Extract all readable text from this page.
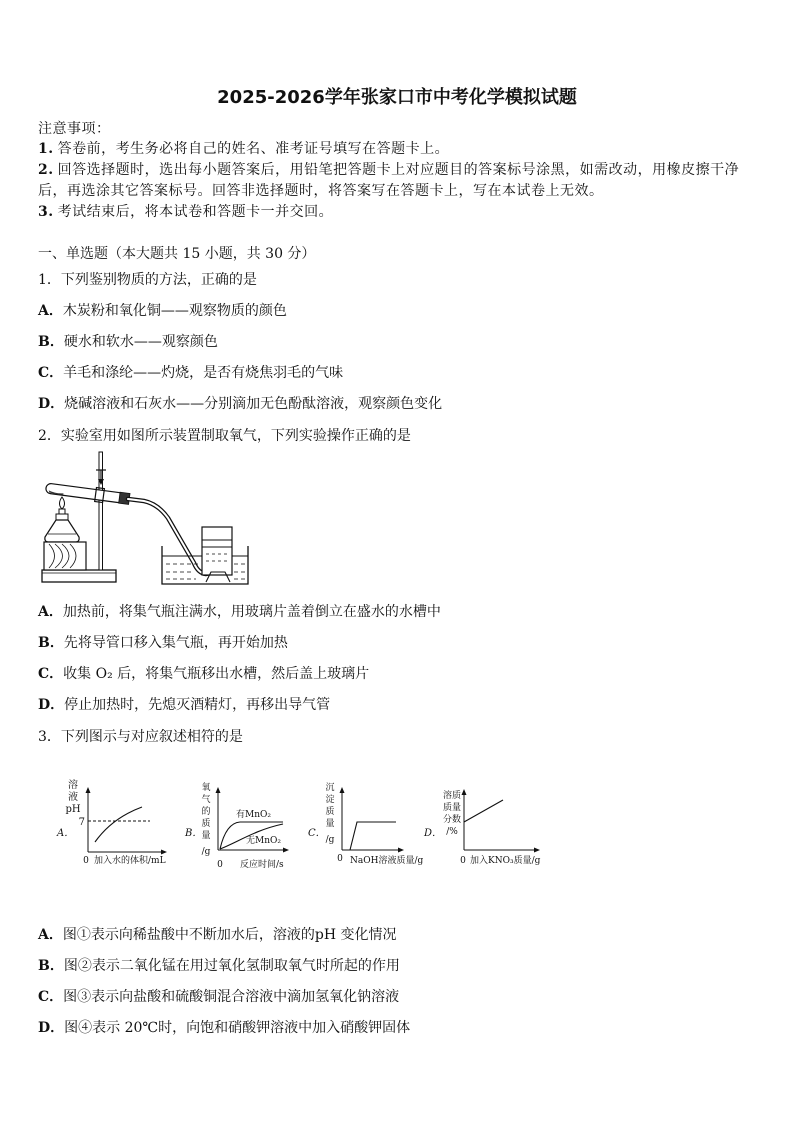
2025-2026学年张家口市中考化学模拟试题
注意事项：
1. 答卷前，考生务必将自己的姓名、准考证号填写在答题卡上。
2. 回答选择题时，选出每小题答案后，用铅笔把答题卡上对应题目的答案标号涂黑，如需改动，用橡皮擦干净后，再选涂其它答案标号。回答非选择题时，将答案写在答题卡上，写在本试卷上无效。
3. 考试结束后，将本试卷和答题卡一并交回。
一、单选题（本大题共 15 小题，共 30 分）
1．下列鉴别物质的方法，正确的是
A．木炭粉和氧化铜——观察物质的颜色
B．硬水和软水——观察颜色
C．羊毛和涤纶——灼烧，是否有烧焦羽毛的气味
D．烧碱溶液和石灰水——分别滴加无色酚酞溶液，观察颜色变化
2．实验室用如图所示装置制取氧气，下列实验操作正确的是
A．加热前，将集气瓶注满水，用玻璃片盖着倒立在盛水的水槽中
B．先将导管口移入集气瓶，再开始加热
C．收集 O₂ 后，将集气瓶移出水槽，然后盖上玻璃片
D．停止加热时，先熄灭酒精灯，再移出导气管
3．下列图示与对应叙述相符的是
A．
溶
液
pH
7
0 加入水的体积/mL
B．
氧
气
的
质
量
/g
有MnO₂
无MnO₂
0 反应时间/s
C．
沉
淀
质
量
/g
0 NaOH溶液质量/g
D．
溶质
质量
分数
/%
0 加入KNO₃质量/g
A．图①表示向稀盐酸中不断加水后，溶液的pH 变化情况
B．图②表示二氧化锰在用过氧化氢制取氧气时所起的作用
C．图③表示向盐酸和硫酸铜混合溶液中滴加氢氧化钠溶液
D．图④表示 20℃时，向饱和硝酸钾溶液中加入硝酸钾固体
